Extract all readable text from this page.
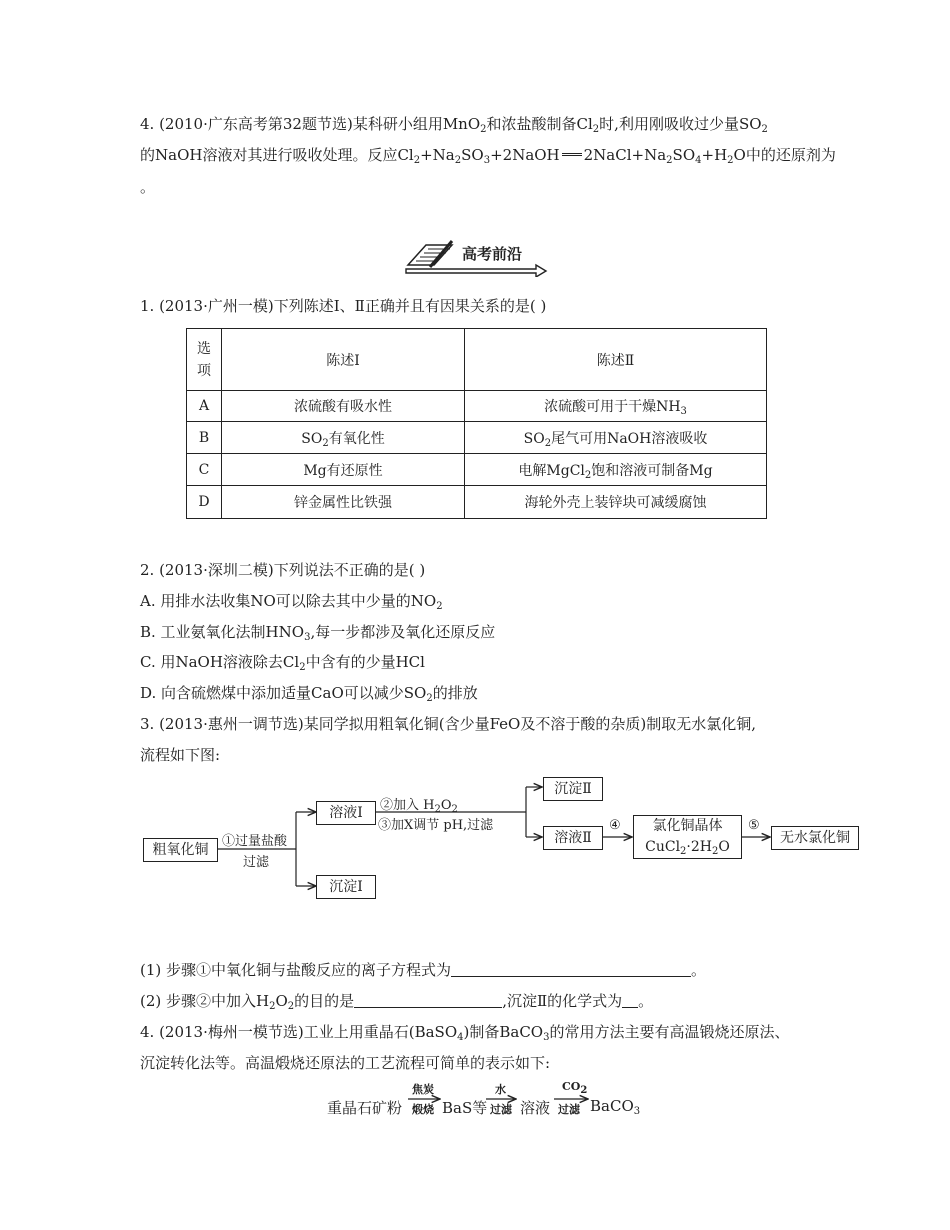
4. (2010·广东高考第32题节选)某科研小组用MnO$_2$和浓盐酸制备$Cl_2$时,利用刚吸收过少量$SO_2$
的NaOH溶液对其进行吸收处理。反应$Cl_2+Na_2SO_3+2NaOH$ $2NaCl+Na_2SO_4+H_2O$中的还原剂为
。
高考前沿
1. (2013·广州一模)下列陈述Ⅰ、Ⅱ正确并且有因果关系的是( )
选
项	陈述Ⅰ	陈述Ⅱ
A	浓硫酸有吸水性	浓硫酸可用于干燥$NH_3$
B	$SO_2$有氧化性	$SO_2$尾气可用NaOH溶液吸收
C	Mg有还原性	电解MgCl$_2$饱和溶液可制备Mg
D	锌金属性比铁强	海轮外壳上装锌块可减缓腐蚀
2. (2013·深圳二模)下列说法不正确的是( )
A. 用排水法收集NO可以除去其中少量的$NO_2$
B. 工业氨氧化法制$HNO_3$,每一步都涉及氧化还原反应
C. 用NaOH溶液除去$Cl_2$中含有的少量HCl
D. 向含硫燃煤中添加适量CaO可以减少$SO_2$的排放
3. (2013·惠州一调节选)某同学拟用粗氧化铜(含少量FeO及不溶于酸的杂质)制取无水氯化铜,
流程如下图:
粗氧化铜
①过量盐酸
过滤
溶液Ⅰ
沉淀Ⅰ
②加入 $H_2O_2$
③加X调节 pH,过滤
沉淀Ⅱ
溶液Ⅱ
④	氯化铜晶体
$CuCl_2\cdot 2H_2O$
⑤
无水氯化铜
(1) 步骤①中氧化铜与盐酸反应的离子方程式为	。
(2) 步骤②中加入$H_2O_2$的目的是	,沉淀Ⅱ的化学式为 。
4. (2013·梅州一模节选)工业上用重晶石(BaSO$_4$)制备BaCO$_3$的常用方法主要有高温锻烧还原法、
沉淀转化法等。高温煅烧还原法的工艺流程可简单的表示如下:
重晶石矿粉
焦炭
煅烧 BaS等
水
过滤 溶液
$CO_2$
过滤 BaCO$_3$
